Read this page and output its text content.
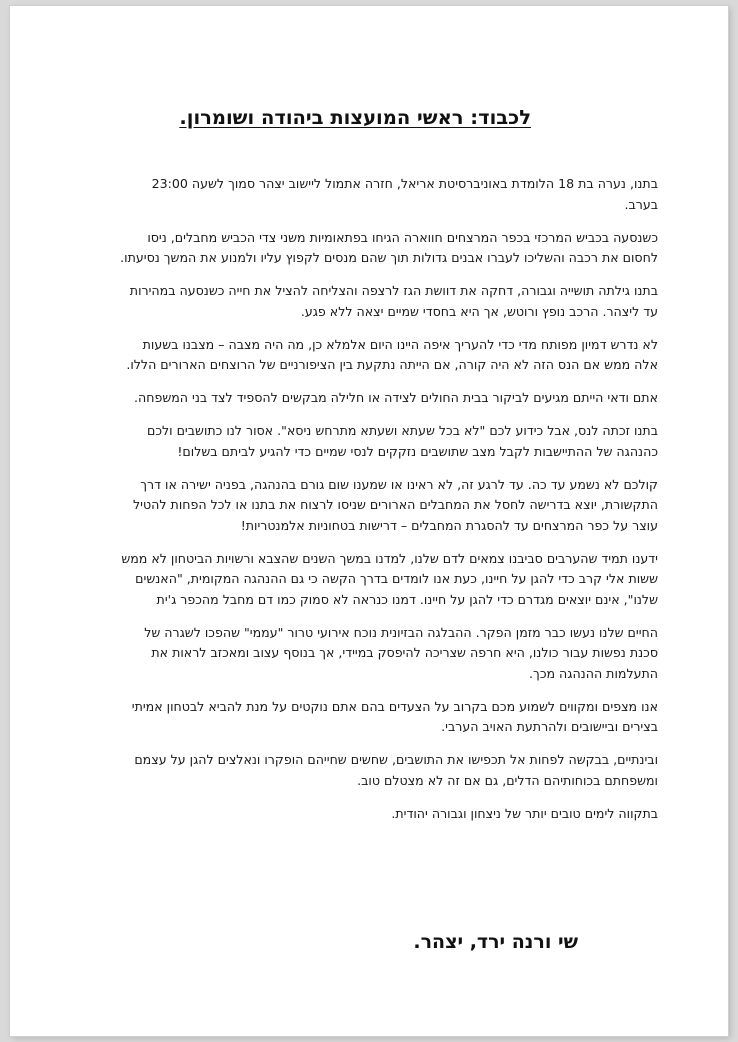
לכבוד: ראשי המועצות ביהודה ושומרון.

בתנו, נערה בת 18 הלומדת באוניברסיטת אריאל, חזרה אתמול ליישוב יצהר סמוך לשעה 23:00 בערב.

כשנסעה בכביש המרכזי בכפר המרצחים חווארה הגיחו בפתאומיות משני צדי הכביש מחבלים, ניסו לחסום את רכבה והשליכו לעברו אבנים גדולות תוך שהם מנסים לקפוץ עליו ולמנוע את המשך נסיעתו.

בתנו גילתה תושייה וגבורה, דחקה את דוושת הגז לרצפה והצליחה להציל את חייה כשנסעה במהירות עד ליצהר. הרכב נופץ ורוטש, אך היא בחסדי שמיים יצאה ללא פגע.

לא נדרש דמיון מפותח מדי כדי להעריך איפה היינו היום אלמלא כן, מה היה מצבה – מצבנו בשעות אלה ממש אם הנס הזה לא היה קורה, אם הייתה נתקעת בין הציפורניים של הרוצחים הארורים הללו.

אתם ודאי הייתם מגיעים לביקור בבית החולים לצידה או חלילה מבקשים להספיד לצד בני המשפחה.

בתנו זכתה לנס, אבל כידוע לכם "לא בכל שעתא ושעתא מתרחש ניסא". אסור לנו כתושבים ולכם כהנהגה של ההתיישבות לקבל מצב שתושבים נזקקים לנסי שמיים כדי להגיע לביתם בשלום!

קולכם לא נשמע עד כה. עד לרגע זה, לא ראינו או שמענו שום גורם בהנהגה, בפניה ישירה או דרך התקשורת, יוצא בדרישה לחסל את המחבלים הארורים שניסו לרצוח את בתנו או לכל הפחות להטיל עוצר על כפר המרצחים עד להסגרת המחבלים – דרישות בטחוניות אלמנטריות!

ידענו תמיד שהערבים סביבנו צמאים לדם שלנו, למדנו במשך השנים שהצבא ורשויות הביטחון לא ממש ששות אלי קרב כדי להגן על חיינו, כעת אנו לומדים בדרך הקשה כי גם ההנהגה המקומית, "האנשים שלנו", אינם יוצאים מגדרם כדי להגן על חיינו. דמנו כנראה לא סמוק כמו דם מחבל מהכפר ג'ית

החיים שלנו נעשו כבר מזמן הפקר. ההבלגה הבזיונית נוכח אירועי טרור "עממי" שהפכו לשגרה של סכנת נפשות עבור כולנו, היא חרפה שצריכה להיפסק במיידי, אך בנוסף עצוב ומאכזב לראות את התעלמות ההנהגה מכך.

אנו מצפים ומקווים לשמוע מכם בקרוב על הצעדים בהם אתם נוקטים על מנת להביא לבטחון אמיתי בצירים וביישובים ולהרתעת האויב הערבי.

ובינתיים, בבקשה לפחות אל תכפישו את התושבים, שחשים שחייהם הופקרו ונאלצים להגן על עצמם ומשפחתם בכוחותיהם הדלים, גם אם זה לא מצטלם טוב.

בתקווה לימים טובים יותר של ניצחון וגבורה יהודית.

שי ורנה ירד, יצהר.
